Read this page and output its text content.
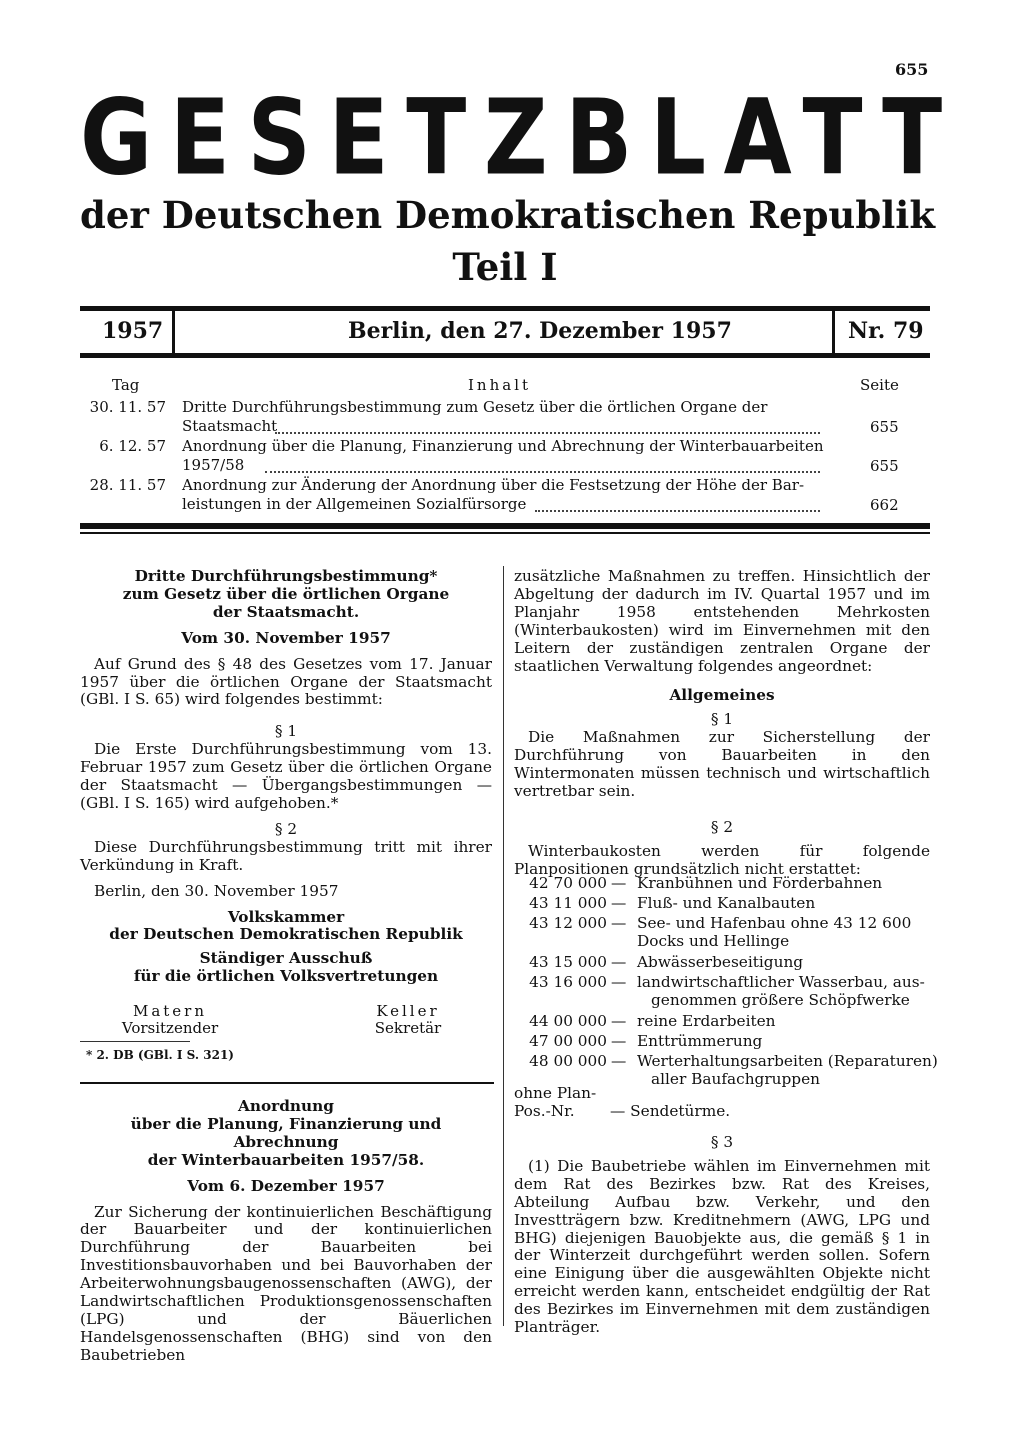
655
GESETZBLATT
der Deutschen Demokratischen Republik
Teil I
1957	Berlin, den 27. Dezember 1957	Nr. 79
Tag	Inhalt	Seite
30. 11. 57 Dritte Durchführungsbestimmung zum Gesetz über die örtlichen Organe der
Staatsmacht	655
6. 12. 57 Anordnung über die Planung, Finanzierung und Abrechnung der Winterbauarbeiten
1957/58	655
28. 11. 57 Anordnung zur Änderung der Anordnung über die Festsetzung der Höhe der Bar-
leistungen in der Allgemeinen Sozialfürsorge	662

Dritte Durchführungsbestimmung*

zum Gesetz über die örtlichen Organe

der Staatsmacht.

Vom 30. November 1957

Auf Grund des § 48 des Gesetzes vom 17. Januar 1957 über die örtlichen Organe der Staatsmacht (GBl. I S. 65) wird folgendes bestimmt:

§ 1

Die Erste Durchführungsbestimmung vom 13. Februar 1957 zum Gesetz über die örtlichen Organe der Staatsmacht — Übergangsbestimmungen — (GBl. I S. 165) wird aufgehoben.*

§ 2

Diese Durchführungsbestimmung tritt mit ihrer Verkündung in Kraft.

Berlin, den 30. November 1957

Volkskammer

der Deutschen Demokratischen Republik

Ständiger Ausschuß

für die örtlichen Volksvertretungen

Matern
Vorsitzender
Keller
Sekretär

* 2. DB (GBl. I S. 321)

Anordnung

über die Planung, Finanzierung und Abrechnung

der Winterbauarbeiten 1957/58.

Vom 6. Dezember 1957

Zur Sicherung der kontinuierlichen Beschäftigung der Bauarbeiter und der kontinuierlichen Durchführung der Bauarbeiten bei Investitionsbauvorhaben und bei Bauvorhaben der Arbeiterwohnungsbaugenossenschaften (AWG), der Landwirtschaftlichen Produktionsgenossenschaften (LPG) und der Bäuerlichen Handelsgenossenschaften (BHG) sind von den Baubetrieben

zusätzliche Maßnahmen zu treffen. Hinsichtlich der Abgeltung der dadurch im IV. Quartal 1957 und im Planjahr 1958 entstehenden Mehrkosten (Winterbaukosten) wird im Einvernehmen mit den Leitern der zuständigen zentralen Organe der staatlichen Verwaltung folgendes angeordnet:

Allgemeines

§ 1

Die Maßnahmen zur Sicherstellung der Durchführung von Bauarbeiten in den Wintermonaten müssen technisch und wirtschaftlich vertretbar sein.

§ 2

Winterbaukosten werden für folgende Planpositionen grundsätzlich nicht erstattet:

42 70 000 — Kranbühnen und Förderbahnen
43 11 000 — Fluß- und Kanalbauten
43 12 000 — See- und Hafenbau ohne 43 12 600
Docks und Hellinge
43 15 000 — Abwässerbeseitigung
43 16 000 — landwirtschaftlicher Wasserbau, aus-
genommen größere Schöpfwerke
44 00 000 — reine Erdarbeiten
47 00 000 — Enttrümmerung
48 00 000 — Werterhaltungsarbeiten (Reparaturen)
aller Baufachgruppen

ohne Plan-

Pos.-Nr.	— Sendetürme.

§ 3

(1) Die Baubetriebe wählen im Einvernehmen mit dem Rat des Bezirkes bzw. Rat des Kreises, Abteilung Aufbau bzw. Verkehr, und den Investträgern bzw. Kreditnehmern (AWG, LPG und BHG) diejenigen Bauobjekte aus, die gemäß § 1 in der Winterzeit durchgeführt werden sollen. Sofern eine Einigung über die ausgewählten Objekte nicht erreicht werden kann, entscheidet endgültig der Rat des Bezirkes im Einvernehmen mit dem zuständigen Planträger.
